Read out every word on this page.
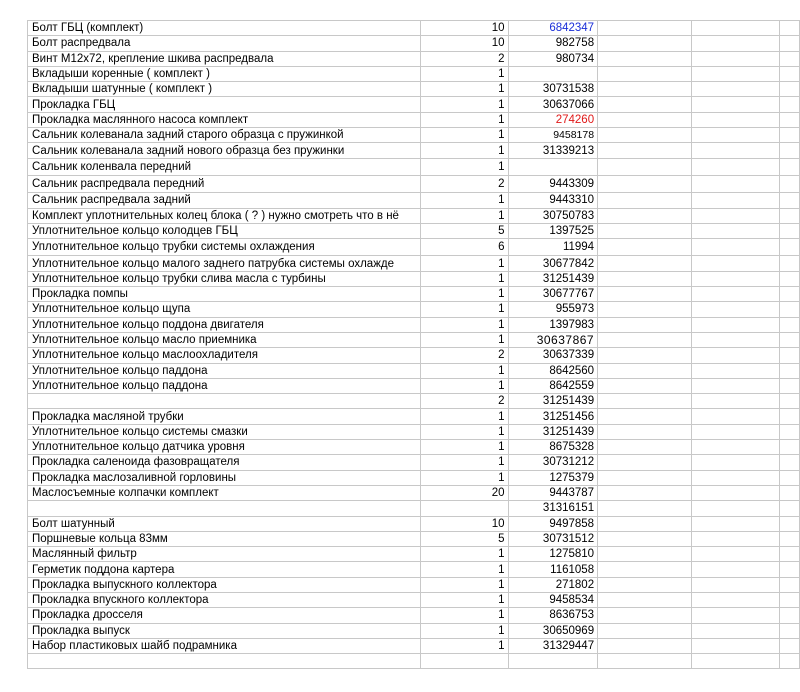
Болт ГБЦ (комплект)	10	6842347			
Болт распредвала	10	982758			
Винт М12х72, крепление шкива распредвала	2	980734			
Вкладыши коренные ( комплект )	1				
Вкладыши шатунные ( комплект )	1	30731538			
Прокладка ГБЦ	1	30637066			
Прокладка маслянного насоса комплект	1	274260			
Сальник колеванала задний старого образца с пружинкой	1	9458178			
Сальник колеванала задний нового образца без пружинки	1	31339213			
Сальник коленвала передний	1				
Сальник распредвала передний	2	9443309			
Сальник распредвала задний	1	9443310			
Комплект уплотнительных колец блока ( ? ) нужно смотреть что в нё	1	30750783			
Уплотнительное кольцо колодцев ГБЦ	5	1397525			
Уплотнительное кольцо трубки системы охлаждения	6	11994			
Уплотнительное кольцо малого заднего патрубка системы охлажде	1	30677842			
Уплотнительное кольцо трубки слива масла с турбины	1	31251439			
Прокладка помпы	1	30677767			
Уплотнительное кольцо щупа	1	955973			
Уплотнительное кольцо поддона двигателя	1	1397983			
Уплотнительное кольцо масло приемника	1	30637867			
Уплотнительное кольцо маслоохладителя	2	30637339			
Уплотнительное кольцо паддона	1	8642560			
Уплотнительное кольцо паддона	1	8642559			
	2	31251439			
Прокладка масляной трубки	1	31251456			
Уплотнительное кольцо системы смазки	1	31251439			
Уплотнительное кольцо датчика уровня	1	8675328			
Прокладка саленоида фазовращателя	1	30731212			
Прокладка маслозаливной горловины	1	1275379			
Маслосъемные колпачки комплект	20	9443787			
		31316151			
Болт шатунный	10	9497858			
Поршневые кольца 83мм	5	30731512			
Маслянный фильтр	1	1275810			
Герметик поддона картера	1	1161058			
Прокладка выпускного коллектора	1	271802			
Прокладка впускного коллектора	1	9458534			
Прокладка дросселя	1	8636753			
Прокладка выпуск	1	30650969			
Набор пластиковых шайб подрамника	1	31329447			
